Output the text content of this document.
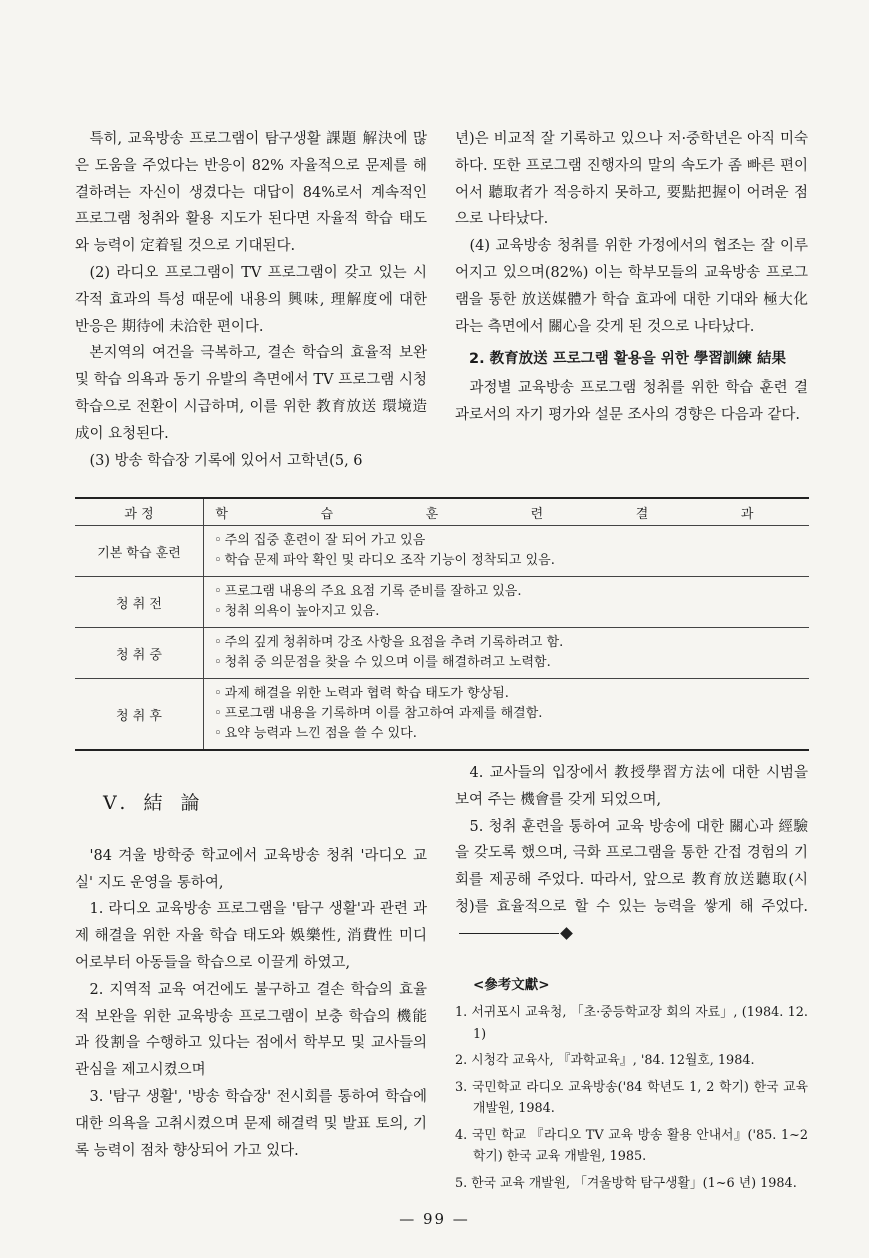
특히, 교육방송 프로그램이 탐구생활 課題 解決에 많은 도움을 주었다는 반응이 82% 자율적으로 문제를 해결하려는 자신이 생겼다는 대답이 84%로서 계속적인 프로그램 청취와 활용 지도가 된다면 자율적 학습 태도와 능력이 定着될 것으로 기대된다.

(2) 라디오 프로그램이 TV 프로그램이 갖고 있는 시각적 효과의 특성 때문에 내용의 興味, 理解度에 대한 반응은 期待에 未洽한 편이다.

본지역의 여건을 극복하고, 결손 학습의 효율적 보완 및 학습 의욕과 동기 유발의 측면에서 TV 프로그램 시청 학습으로 전환이 시급하며, 이를 위한 教育放送 環境造成이 요청된다.

(3) 방송 학습장 기록에 있어서 고학년(5, 6

년)은 비교적 잘 기록하고 있으나 저·중학년은 아직 미숙하다. 또한 프로그램 진행자의 말의 속도가 좀 빠른 편이어서 聽取者가 적응하지 못하고, 要點把握이 어려운 점으로 나타났다.

(4) 교육방송 청취를 위한 가정에서의 협조는 잘 이루어지고 있으며(82%) 이는 학부모들의 교육방송 프로그램을 통한 放送媒體가 학습 효과에 대한 기대와 極大化라는 측면에서 關心을 갖게 된 것으로 나타났다.

2. 教育放送 프로그램 활용을 위한 學習訓練 結果

과정별 교육방송 프로그램 청취를 위한 학습 훈련 결과로서의 자기 평가와 설문 조사의 경향은 다음과 같다.

과 정	학 습 훈 련 결 과
기본 학습 훈련	◦ 주의 집중 훈련이 잘 되어 가고 있음
◦ 학습 문제 파악 확인 및 라디오 조작 기능이 정착되고 있음.

청 취 전	◦ 프로그램 내용의 주요 요점 기록 준비를 잘하고 있음.
◦ 청취 의욕이 높아지고 있음.

청 취 중	◦ 주의 깊게 청취하며 강조 사항을 요점을 추려 기록하려고 함.
◦ 청취 중 의문점을 찾을 수 있으며 이를 해결하려고 노력함.

청 취 후	◦ 과제 해결을 위한 노력과 협력 학습 태도가 향상됨.
◦ 프로그램 내용을 기록하며 이를 참고하여 과제를 해결함.
◦ 요약 능력과 느낀 점을 쓸 수 있다.

V. 結 論

'84 겨울 방학중 학교에서 교육방송 청취 '라디오 교실' 지도 운영을 통하여,

1. 라디오 교육방송 프로그램을 '탐구 생활'과 관련 과제 해결을 위한 자율 학습 태도와 娛樂性, 消費性 미디어로부터 아동들을 학습으로 이끌게 하였고,

2. 지역적 교육 여건에도 불구하고 결손 학습의 효율적 보완을 위한 교육방송 프로그램이 보충 학습의 機能과 役割을 수행하고 있다는 점에서 학부모 및 교사들의 관심을 제고시켰으며

3. '탐구 생활', '방송 학습장' 전시회를 통하여 학습에 대한 의욕을 고취시켰으며 문제 해결력 및 발표 토의, 기록 능력이 점차 향상되어 가고 있다.

4. 교사들의 입장에서 教授學習方法에 대한 시범을 보여 주는 機會를 갖게 되었으며,

5. 청취 훈련을 통하여 교육 방송에 대한 關心과 經驗을 갖도록 했으며, 극화 프로그램을 통한 간접 경험의 기회를 제공해 주었다. 따라서, 앞으로 教育放送聽取(시청)를 효율적으로 할 수 있는 능력을 쌓게 해 주었다.

<參考文獻>

1. 서귀포시 교육청, 「초·중등학교장 회의 자료」, (1984. 12. 1)

2. 시청각 교육사, 『과학교육』, '84. 12월호, 1984.

3. 국민학교 라디오 교육방송('84 학년도 1, 2 학기) 한국 교육 개발원, 1984.

4. 국민 학교 『라디오 TV 교육 방송 활용 안내서』('85. 1~2 학기) 한국 교육 개발원, 1985.

5. 한국 교육 개발원, 「겨울방학 탐구생활」(1~6 년) 1984.

— 99 —
